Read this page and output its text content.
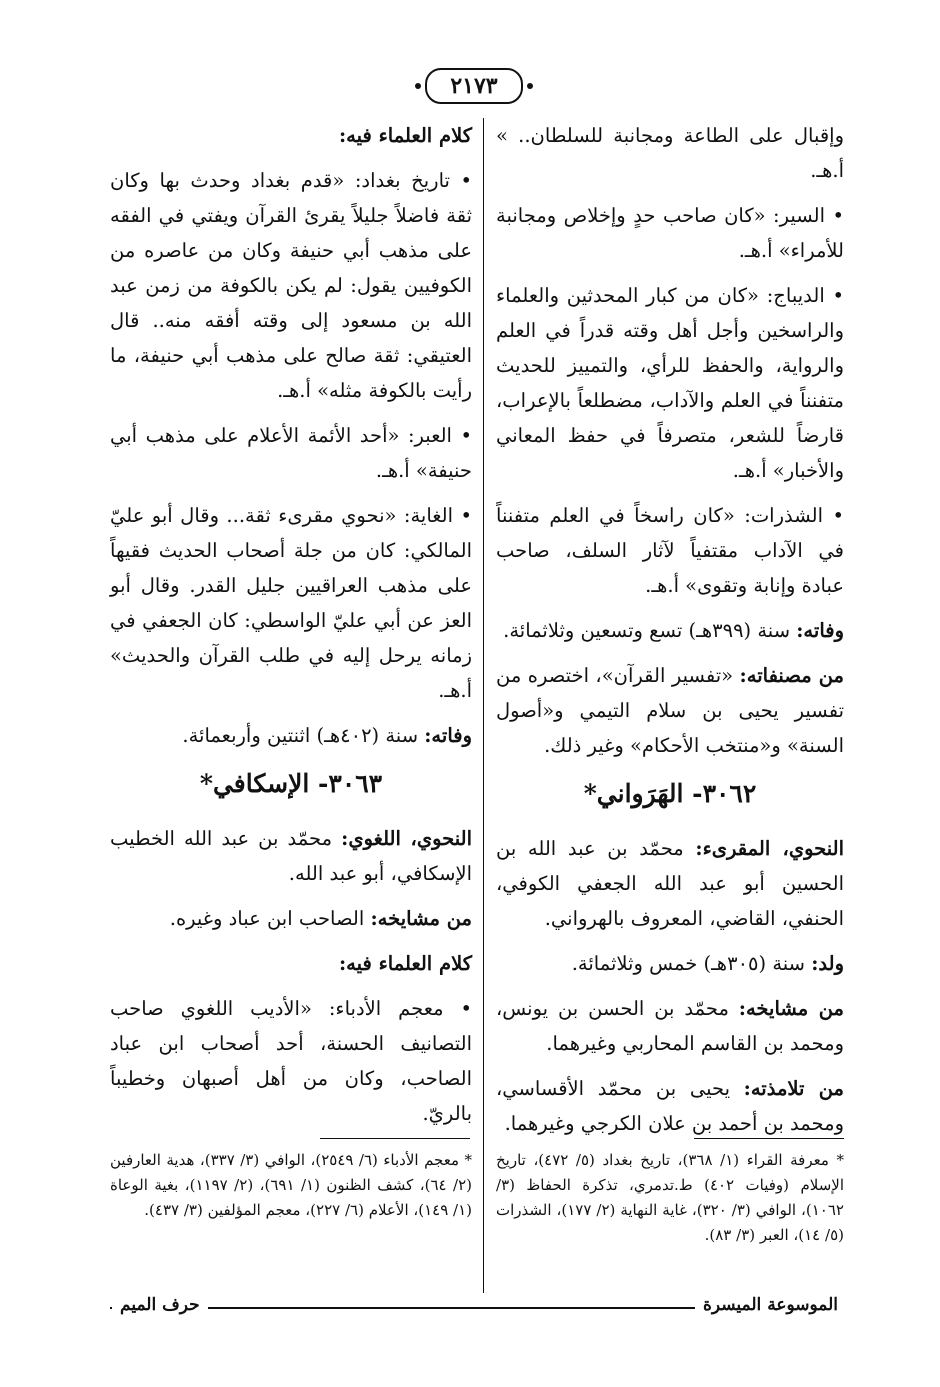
٢١٧٣

وإقبال على الطاعة ومجانبة للسلطان.. » أ.هـ.

• السير: «كان صاحب حدٍ وإخلاص ومجانبة للأمراء» أ.هـ.

• الديباج: «كان من كبار المحدثين والعلماء والراسخين وأجل أهل وقته قدراً في العلم والرواية، والحفظ للرأي، والتمييز للحديث متفنناً في العلم والآداب، مضطلعاً بالإعراب، قارضاً للشعر، متصرفاً في حفظ المعاني والأخبار» أ.هـ.

• الشذرات: «كان راسخاً في العلم متفنناً في الآداب مقتفياً لآثار السلف، صاحب عبادة وإنابة وتقوى» أ.هـ.

وفاته: سنة (٣٩٩هـ) تسع وتسعين وثلاثمائة.

من مصنفاته: «تفسير القرآن»، اختصره من تفسير يحيى بن سلام التيمي و«أصول السنة» و«منتخب الأحكام» وغير ذلك.

٣٠٦٢- الهَرَواني*

النحوي، المقرىء: محمّد بن عبد الله بن الحسين أبو عبد الله الجعفي الكوفي، الحنفي، القاضي، المعروف بالهرواني.

ولد: سنة (٣٠٥هـ) خمس وثلاثمائة.

من مشايخه: محمّد بن الحسن بن يونس، ومحمد بن القاسم المحاربي وغيرهما.

من تلامذته: يحيى بن محمّد الأقساسي، ومحمد بن أحمد بن علان الكرجي وغيرهما.

كلام العلماء فيه:

• تاريخ بغداد: «قدم بغداد وحدث بها وكان ثقة فاضلاً جليلاً يقرئ القرآن ويفتي في الفقه على مذهب أبي حنيفة وكان من عاصره من الكوفيين يقول: لم يكن بالكوفة من زمن عبد الله بن مسعود إلى وقته أفقه منه.. قال العتيقي: ثقة صالح على مذهب أبي حنيفة، ما رأيت بالكوفة مثله» أ.هـ.

• العبر: «أحد الأئمة الأعلام على مذهب أبي حنيفة» أ.هـ.

• الغاية: «نحوي مقرىء ثقة... وقال أبو عليّ المالكي: كان من جلة أصحاب الحديث فقيهاً على مذهب العراقيين جليل القدر. وقال أبو العز عن أبي عليّ الواسطي: كان الجعفي في زمانه يرحل إليه في طلب القرآن والحديث» أ.هـ.

وفاته: سنة (٤٠٢هـ) اثنتين وأربعمائة.

٣٠٦٣- الإسكافي*

النحوي، اللغوي: محمّد بن عبد الله الخطيب الإسكافي، أبو عبد الله.

من مشايخه: الصاحب ابن عباد وغيره.

كلام العلماء فيه:

• معجم الأدباء: «الأديب اللغوي صاحب التصانيف الحسنة، أحد أصحاب ابن عباد الصاحب، وكان من أهل أصبهان وخطيباً بالريّ.

* معرفة القراء (١/ ٣٦٨)، تاريخ بغداد (٥/ ٤٧٢)، تاريخ الإسلام (وفيات ٤٠٢) ط.تدمري، تذكرة الحفاظ (٣/ ١٠٦٢)، الوافي (٣/ ٣٢٠)، غاية النهاية (٢/ ١٧٧)، الشذرات (٥/ ١٤)، العبر (٣/ ٨٣).
* معجم الأدباء (٦/ ٢٥٤٩)، الوافي (٣/ ٣٣٧)، هدية العارفين (٢/ ٦٤)، كشف الظنون (١/ ٦٩١)، (٢/ ١١٩٧)، بغية الوعاة (١/ ١٤٩)، الأعلام (٦/ ٢٢٧)، معجم المؤلفين (٣/ ٤٣٧).
الموسوعة الميسرة
حرف الميم
